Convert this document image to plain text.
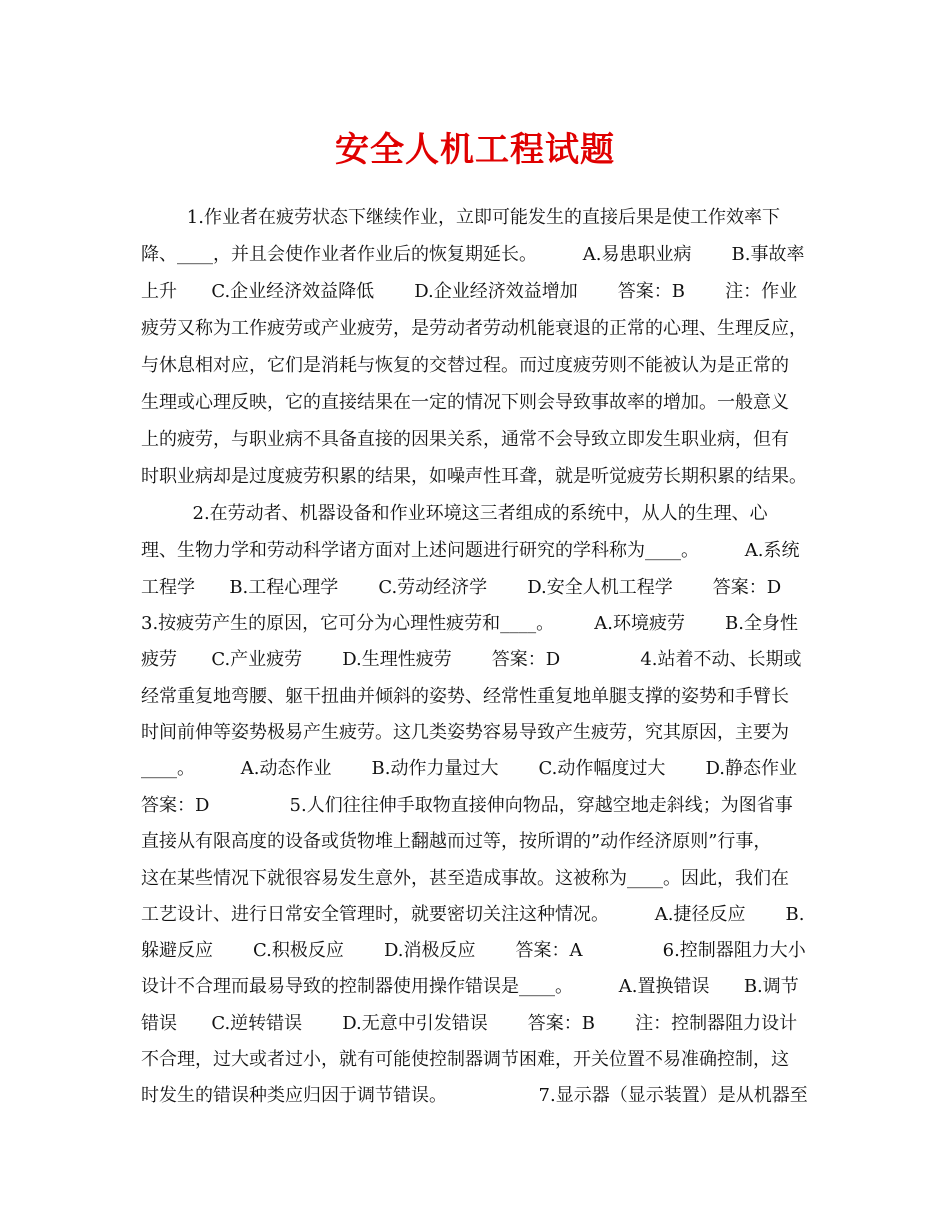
安全人机工程试题
1.作业者在疲劳状态下继续作业，立即可能发生的直接后果是使工作效率下
降、____，并且会使作业者作业后的恢复期延长。        A.易患职业病       B.事故率
上升      C.企业经济效益降低       D.企业经济效益增加       答案：B       注：作业
疲劳又称为工作疲劳或产业疲劳，是劳动者劳动机能衰退的正常的心理、生理反应，
与休息相对应，它们是消耗与恢复的交替过程。而过度疲劳则不能被认为是正常的
生理或心理反映，它的直接结果在一定的情况下则会导致事故率的增加。一般意义
上的疲劳，与职业病不具备直接的因果关系，通常不会导致立即发生职业病，但有
时职业病却是过度疲劳积累的结果，如噪声性耳聋，就是听觉疲劳长期积累的结果。
2.在劳动者、机器设备和作业环境这三者组成的系统中，从人的生理、心
理、生物力学和劳动科学诸方面对上述问题进行研究的学科称为____。        A.系统
工程学      B.工程心理学       C.劳动经济学       D.安全人机工程学       答案：D
3.按疲劳产生的原因，它可分为心理性疲劳和____。       A.环境疲劳       B.全身性
疲劳      C.产业疲劳       D.生理性疲劳       答案：D              4.站着不动、长期或
经常重复地弯腰、躯干扭曲并倾斜的姿势、经常性重复地单腿支撑的姿势和手臂长
时间前伸等姿势极易产生疲劳。这几类姿势容易导致产生疲劳，究其原因，主要为
____。        A.动态作业       B.动作力量过大       C.动作幅度过大       D.静态作业
答案：D              5.人们往往伸手取物直接伸向物品，穿越空地走斜线；为图省事
直接从有限高度的设备或货物堆上翻越而过等，按所谓的”动作经济原则”行事，
这在某些情况下就很容易发生意外，甚至造成事故。这被称为____。因此，我们在
工艺设计、进行日常安全管理时，就要密切关注这种情况。        A.捷径反应       B.
躲避反应       C.积极反应       D.消极反应       答案：A              6.控制器阻力大小
设计不合理而最易导致的控制器使用操作错误是____。        A.置换错误      B.调节
错误      C.逆转错误       D.无意中引发错误       答案：B       注：控制器阻力设计
不合理，过大或者过小，就有可能使控制器调节困难，开关位置不易准确控制，这
时发生的错误种类应归因于调节错误。                7.显示器（显示装置）是从机器至
